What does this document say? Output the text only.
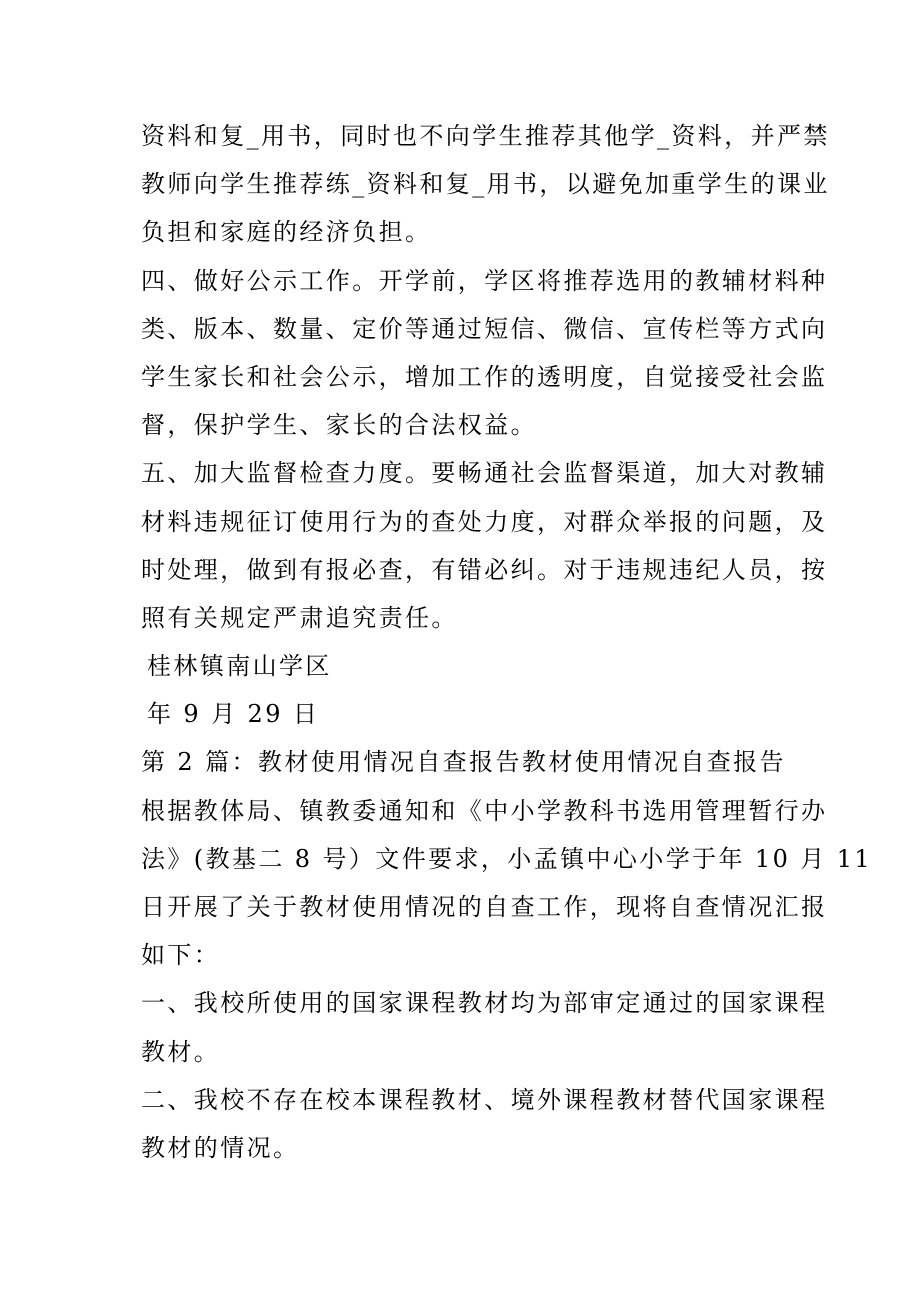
资料和复_用书，同时也不向学生推荐其他学_资料，并严禁
教师向学生推荐练_资料和复_用书，以避免加重学生的课业
负担和家庭的经济负担。

四、做好公示工作。开学前，学区将推荐选用的教辅材料种
类、版本、数量、定价等通过短信、微信、宣传栏等方式向
学生家长和社会公示，增加工作的透明度，自觉接受社会监
督，保护学生、家长的合法权益。

五、加大监督检查力度。要畅通社会监督渠道，加大对教辅
材料违规征订使用行为的查处力度，对群众举报的问题，及
时处理，做到有报必查，有错必纠。对于违规违纪人员，按
照有关规定严肃追究责任。

桂林镇南山学区

年 9 月 29 日

第 2 篇：教材使用情况自查报告教材使用情况自查报告

根据教体局、镇教委通知和《中小学教科书选用管理暂行办
法》(教基二 8 号）文件要求，小孟镇中心小学于年 10 月 11
日开展了关于教材使用情况的自查工作，现将自查情况汇报
如下：

一、我校所使用的国家课程教材均为部审定通过的国家课程
教材。

二、我校不存在校本课程教材、境外课程教材替代国家课程
教材的情况。
